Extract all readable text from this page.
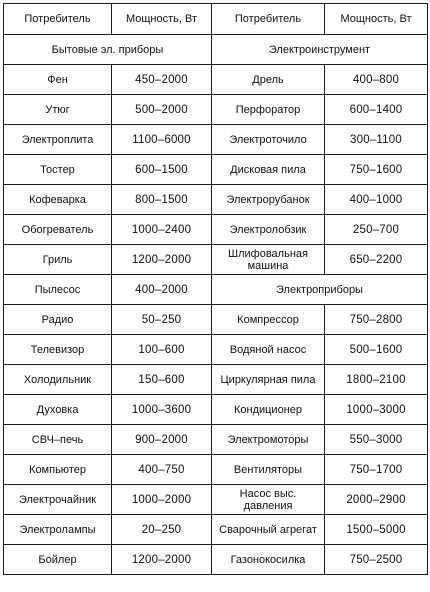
Потребитель	Мощность, Вт	Потребитель	Мощность, Вт
Бытовые эл. приборы		Электроинструмент	
Фен	450–2000	Дрель	400–800
Утюг	500–2000	Перфоратор	600–1400
Электроплита	1100–6000	Электроточило	300–1100
Тостер	600–1500	Дисковая пила	750–1600
Кофеварка	800–1500	Электрорубанок	400–1000
Обогреватель	1000–2400	Электролобзик	250–700
Гриль	1200–2000	Шлифовальная машина	650–2200
Пылесос	400–2000	Электроприборы	
Радио	50–250	Компрессор	750–2800
Телевизор	100–600	Водяной насос	500–1600
Холодильник	150–600	Циркулярная пила	1800–2100
Духовка	1000–3600	Кондиционер	1000–3000
СВЧ–печь	900–2000	Электромоторы	550–3000
Компьютер	400–750	Вентиляторы	750–1700
Электрочайник	1000–2000	Насос выс. давления	2000–2900
Электролампы	20–250	Сварочный агрегат	1500–5000
Бойлер	1200–2000	Газонокосилка	750–2500
